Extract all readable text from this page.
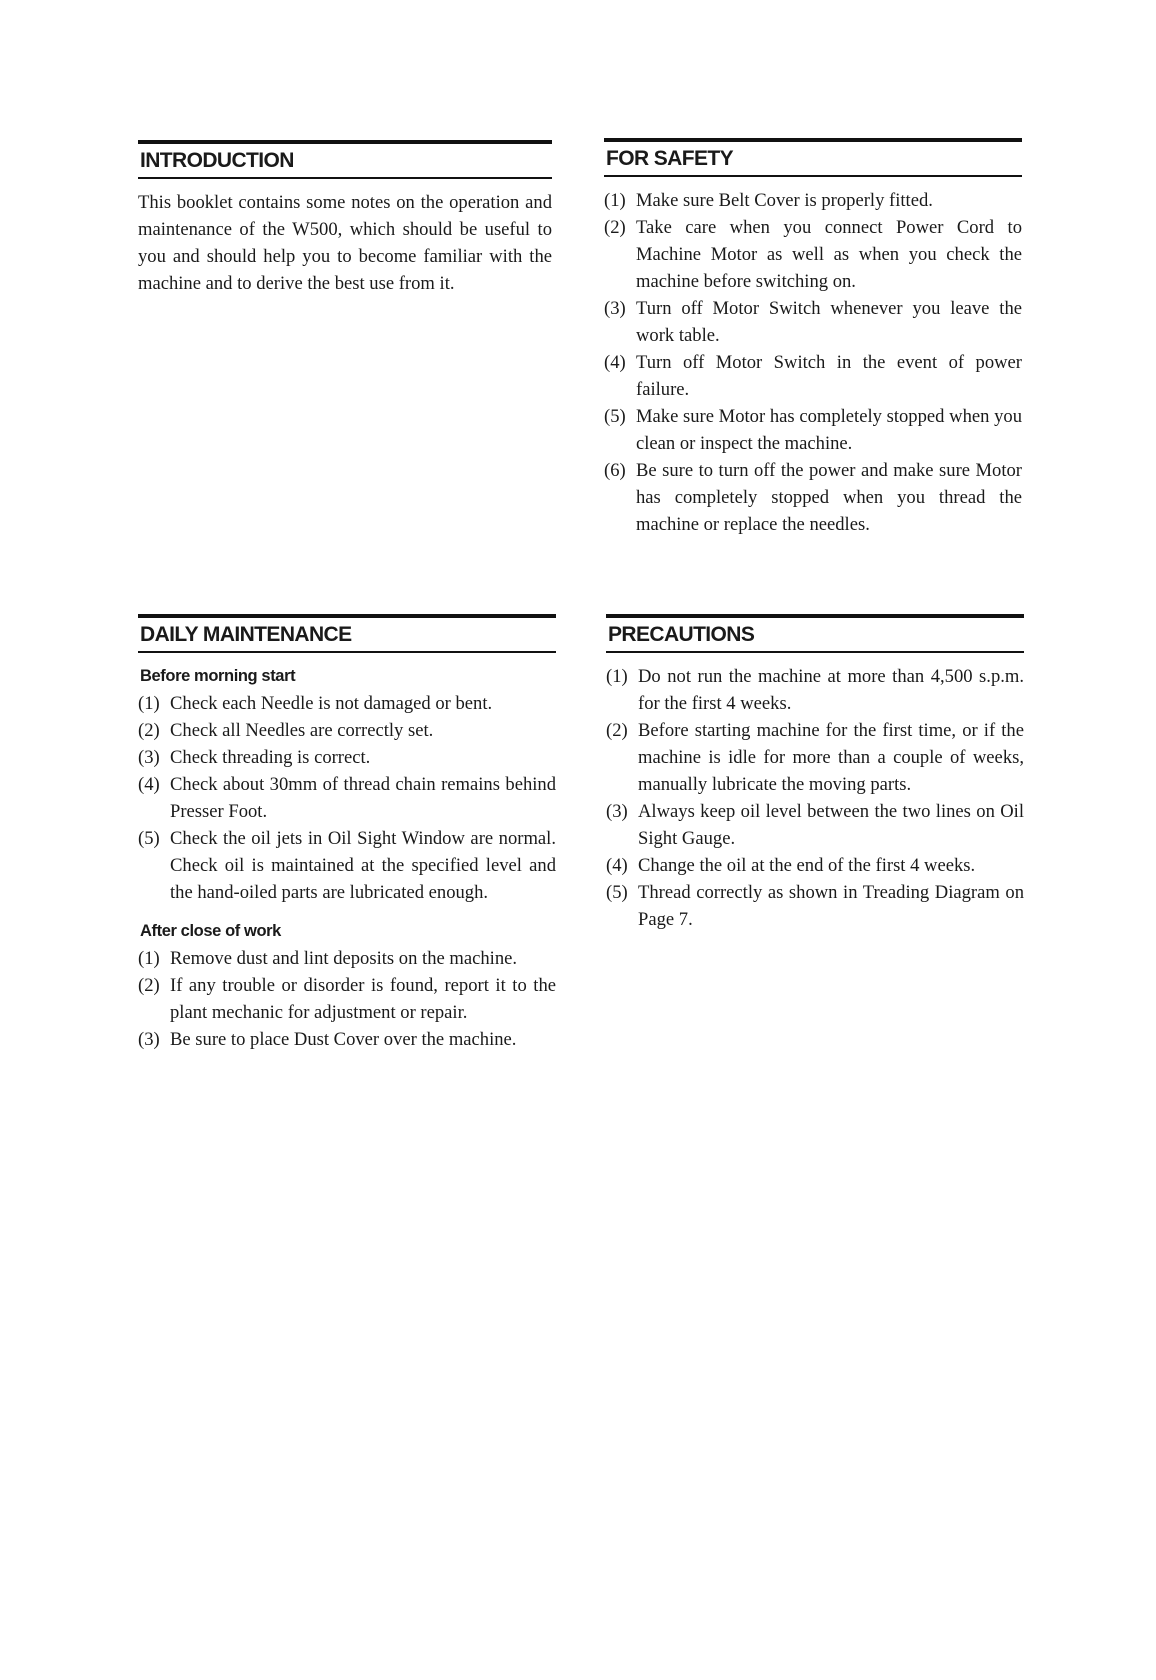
INTRODUCTION

This booklet contains some notes on the operation and maintenance of the W500, which should be useful to you and should help you to become familiar with the machine and to derive the best use from it.

FOR SAFETY
(1) Make sure Belt Cover is properly fitted.
(2) Take care when you connect Power Cord to Machine Motor as well as when you check the machine before switching on.
(3) Turn off Motor Switch whenever you leave the work table.
(4) Turn off Motor Switch in the event of power failure.
(5) Make sure Motor has completely stopped when you clean or inspect the machine.
(6) Be sure to turn off the power and make sure Motor has completely stopped when you thread the machine or replace the needles.
DAILY MAINTENANCE
Before morning start
(1) Check each Needle is not damaged or bent.
(2) Check all Needles are correctly set.
(3) Check threading is correct.
(4) Check about 30mm of thread chain remains behind Presser Foot.
(5) Check the oil jets in Oil Sight Window are normal. Check oil is maintained at the specified level and the hand-oiled parts are lubricated enough.
After close of work
(1) Remove dust and lint deposits on the machine.
(2) If any trouble or disorder is found, report it to the plant mechanic for adjustment or repair.
(3) Be sure to place Dust Cover over the machine.
PRECAUTIONS
(1) Do not run the machine at more than 4,500 s.p.m. for the first 4 weeks.
(2) Before starting machine for the first time, or if the machine is idle for more than a couple of weeks, manually lubricate the moving parts.
(3) Always keep oil level between the two lines on Oil Sight Gauge.
(4) Change the oil at the end of the first 4 weeks.
(5) Thread correctly as shown in Treading Diagram on Page 7.
